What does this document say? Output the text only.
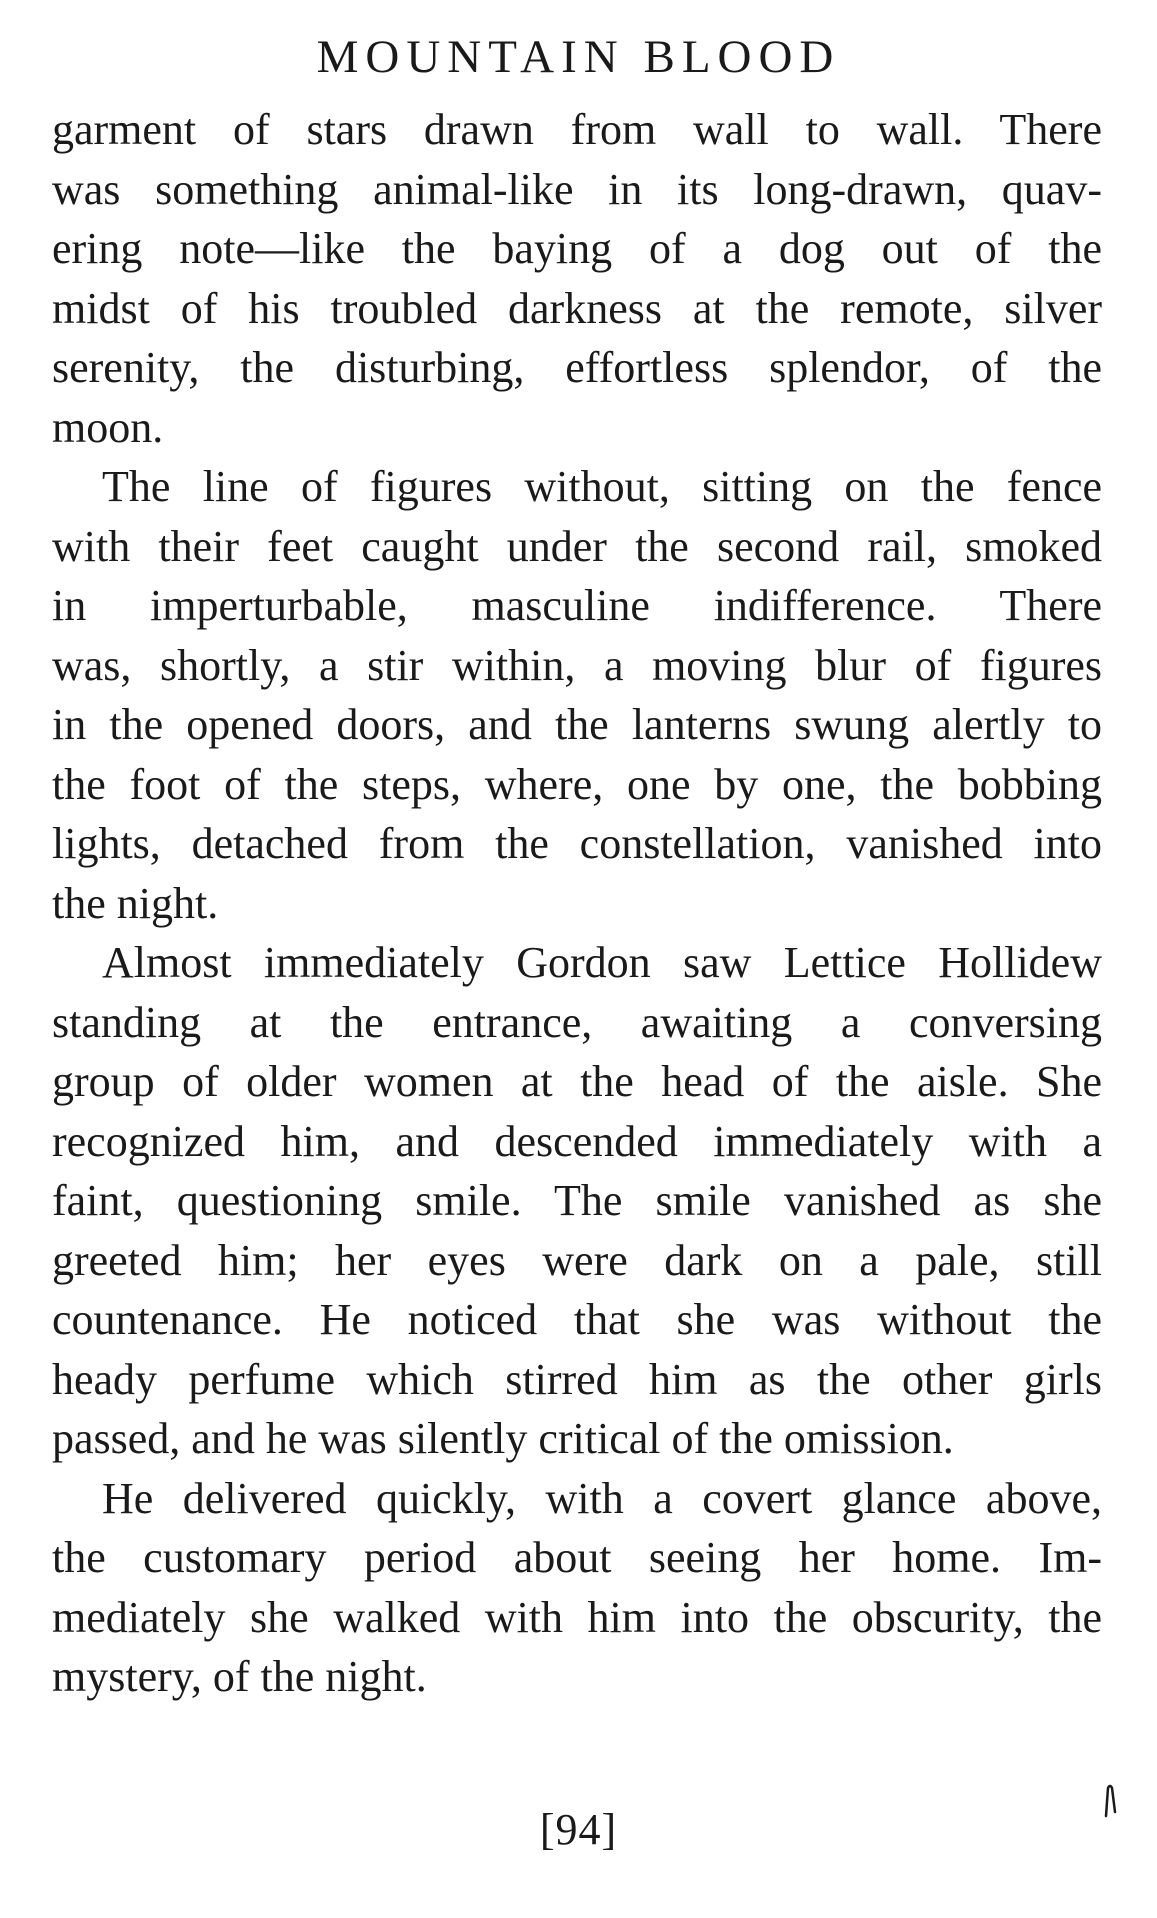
MOUNTAIN BLOOD

garment of stars drawn from wall to wall. There
was something animal-like in its long-drawn, quav-
ering note—like the baying of a dog out of the
midst of his troubled darkness at the remote, silver
serenity, the disturbing, effortless splendor, of the
moon.

The line of figures without, sitting on the fence
with their feet caught under the second rail, smoked
in imperturbable, masculine indifference. There
was, shortly, a stir within, a moving blur of figures
in the opened doors, and the lanterns swung alertly to
the foot of the steps, where, one by one, the bobbing
lights, detached from the constellation, vanished into
the night.

Almost immediately Gordon saw Lettice Hollidew
standing at the entrance, awaiting a conversing
group of older women at the head of the aisle. She
recognized him, and descended immediately with a
faint, questioning smile. The smile vanished as she
greeted him; her eyes were dark on a pale, still
countenance. He noticed that she was without the
heady perfume which stirred him as the other girls
passed, and he was silently critical of the omission.

He delivered quickly, with a covert glance above,
the customary period about seeing her home. Im-
mediately she walked with him into the obscurity, the
mystery, of the night.

[94]
